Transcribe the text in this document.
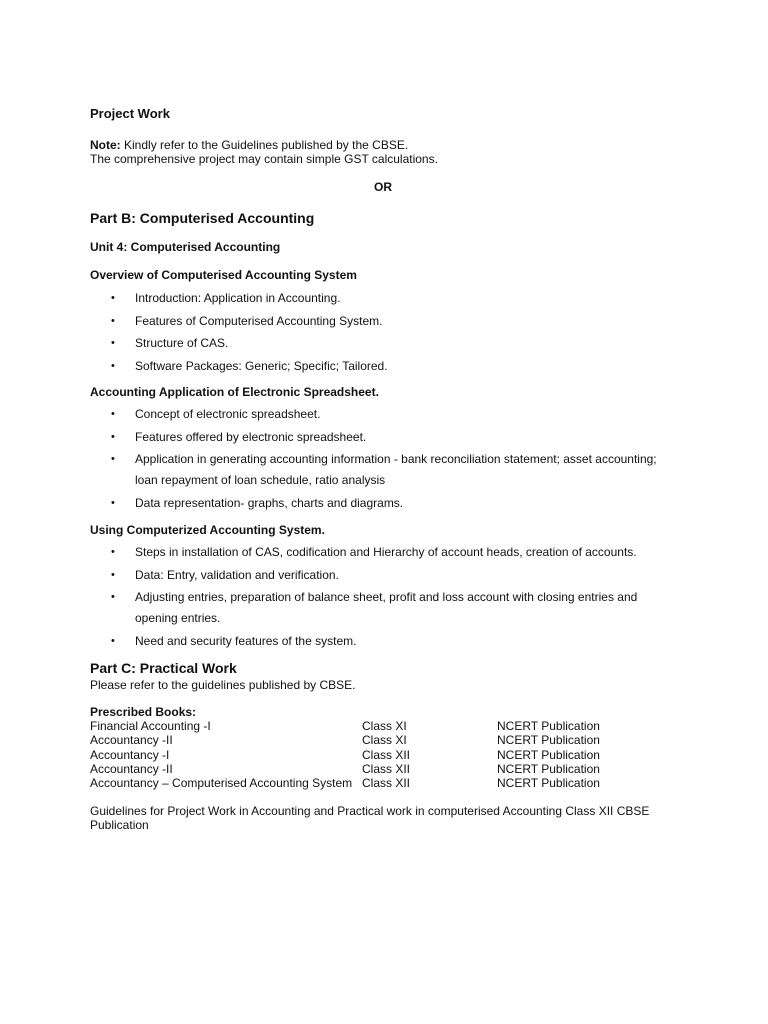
Project Work
Note: Kindly refer to the Guidelines published by the CBSE.
The comprehensive project may contain simple GST calculations.
OR
Part B: Computerised Accounting
Unit 4: Computerised Accounting
Overview of Computerised Accounting System
• Introduction: Application in Accounting.
• Features of Computerised Accounting System.
• Structure of CAS.
• Software Packages: Generic; Specific; Tailored.
Accounting Application of Electronic Spreadsheet.
• Concept of electronic spreadsheet.
• Features offered by electronic spreadsheet.
• Application in generating accounting information - bank reconciliation statement; asset accounting; loan repayment of loan schedule, ratio analysis
• Data representation- graphs, charts and diagrams.
Using Computerized Accounting System.
• Steps in installation of CAS, codification and Hierarchy of account heads, creation of accounts.
• Data: Entry, validation and verification.
• Adjusting entries, preparation of balance sheet, profit and loss account with closing entries and opening entries.
• Need and security features of the system.
Part C: Practical Work
Please refer to the guidelines published by CBSE.
Prescribed Books:
Financial Accounting -I	Class XI	NCERT Publication
Accountancy -II	Class XI	NCERT Publication
Accountancy -I	Class XII	NCERT Publication
Accountancy -II	Class XII	NCERT Publication
Accountancy – Computerised Accounting System	Class XII	NCERT Publication
Guidelines for Project Work in Accounting and Practical work in computerised Accounting Class XII CBSE Publication
